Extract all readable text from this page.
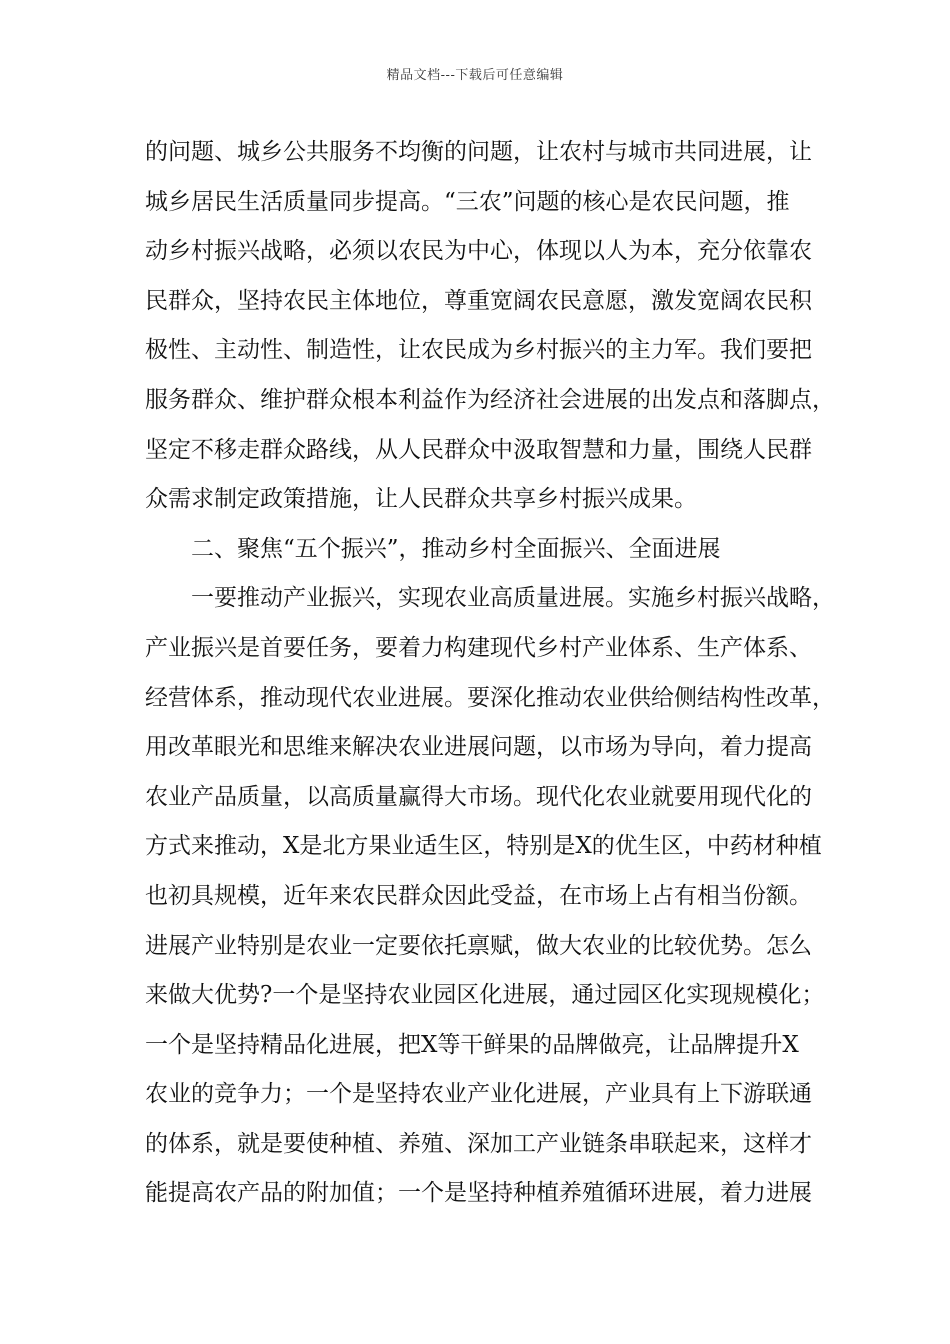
精品文档---下载后可任意编辑
的问题、城乡公共服务不均衡的问题，让农村与城市共同进展，让
城乡居民生活质量同步提高。“三农”问题的核心是农民问题，推
动乡村振兴战略，必须以农民为中心，体现以人为本，充分依靠农
民群众，坚持农民主体地位，尊重宽阔农民意愿，激发宽阔农民积
极性、主动性、制造性，让农民成为乡村振兴的主力军。我们要把
服务群众、维护群众根本利益作为经济社会进展的出发点和落脚点，
坚定不移走群众路线，从人民群众中汲取智慧和力量，围绕人民群
众需求制定政策措施，让人民群众共享乡村振兴成果。
二、聚焦“五个振兴”，推动乡村全面振兴、全面进展
一要推动产业振兴，实现农业高质量进展。实施乡村振兴战略，
产业振兴是首要任务，要着力构建现代乡村产业体系、生产体系、
经营体系，推动现代农业进展。要深化推动农业供给侧结构性改革，
用改革眼光和思维来解决农业进展问题，以市场为导向，着力提高
农业产品质量，以高质量赢得大市场。现代化农业就要用现代化的
方式来推动，X是北方果业适生区，特别是X的优生区，中药材种植
也初具规模，近年来农民群众因此受益，在市场上占有相当份额。
进展产业特别是农业一定要依托禀赋，做大农业的比较优势。怎么
来做大优势?一个是坚持农业园区化进展，通过园区化实现规模化；
一个是坚持精品化进展，把X等干鲜果的品牌做亮，让品牌提升X
农业的竞争力；一个是坚持农业产业化进展，产业具有上下游联通
的体系，就是要使种植、养殖、深加工产业链条串联起来，这样才
能提高农产品的附加值；一个是坚持种植养殖循环进展，着力进展
